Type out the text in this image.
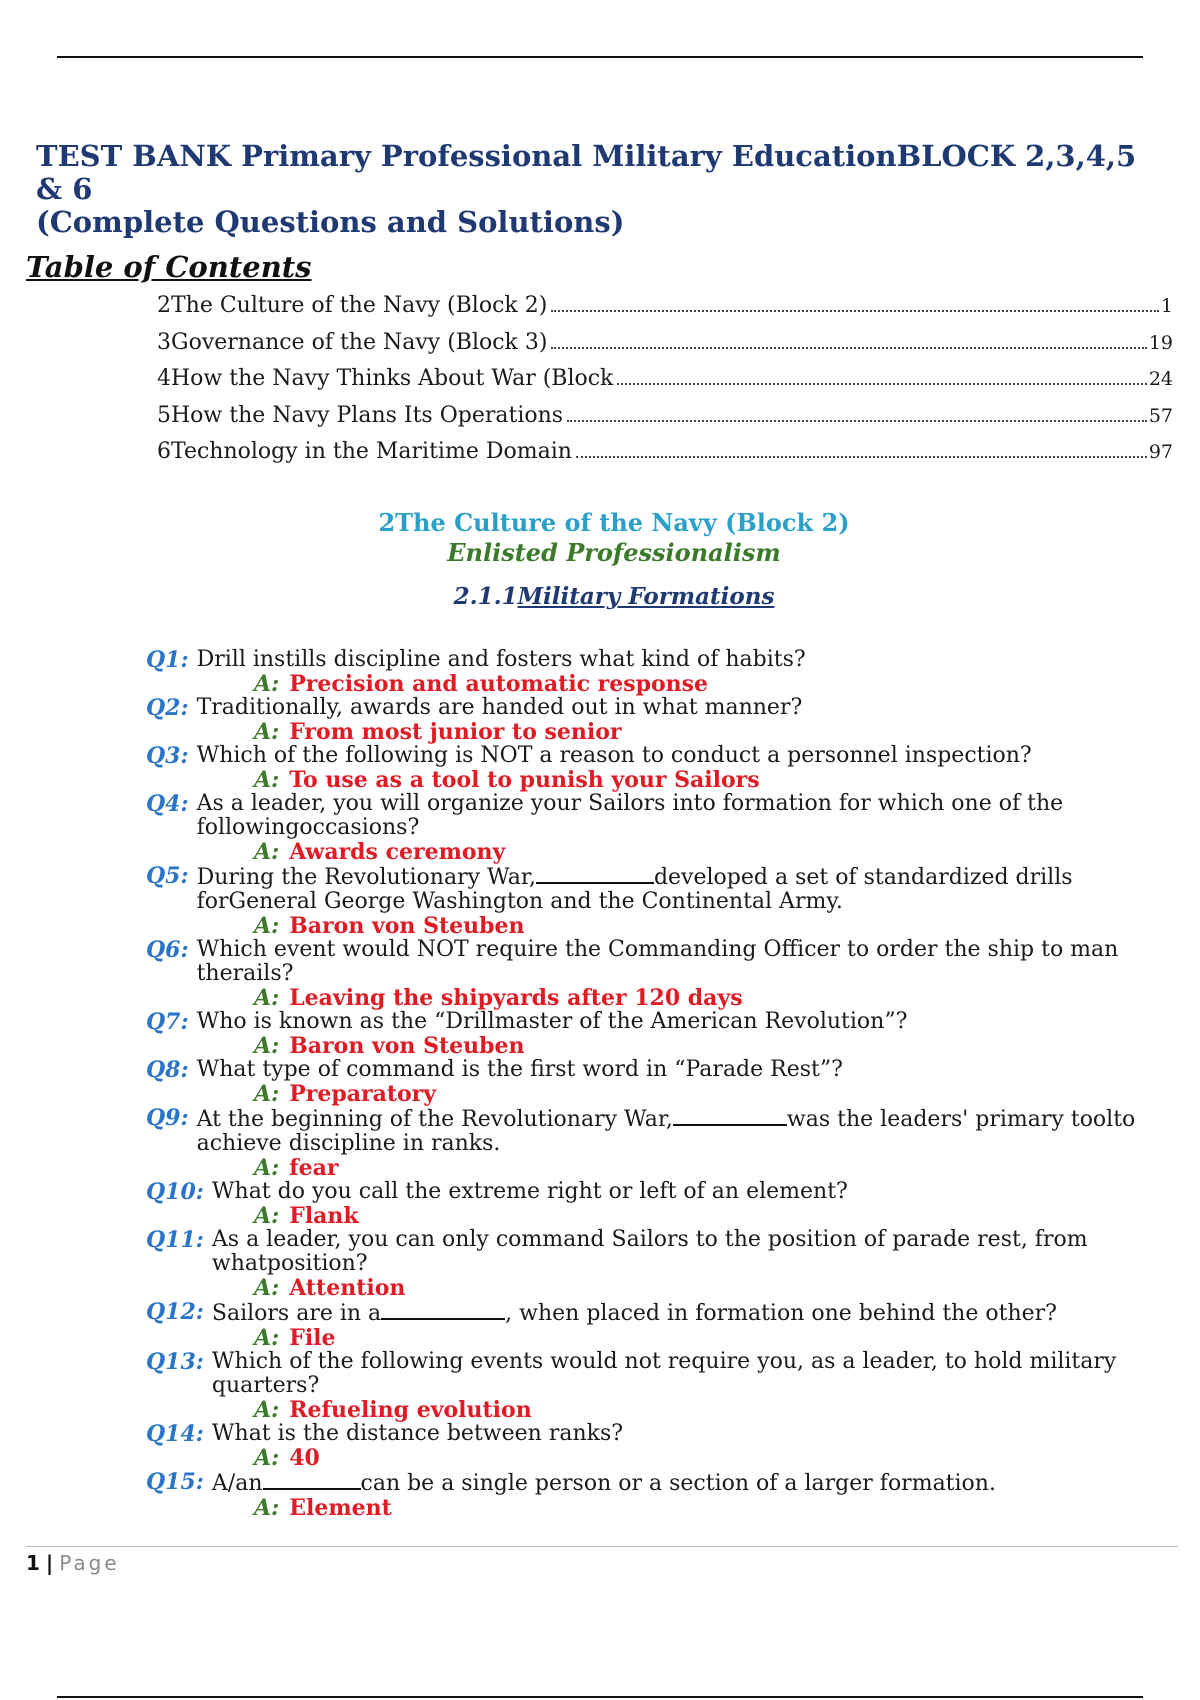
TEST BANK Primary Professional Military EducationBLOCK 2,3,4,5 & 6
(Complete Questions and Solutions)
Table of Contents
2The Culture of the Navy (Block 2)	1
3Governance of the Navy (Block 3)	19
4How the Navy Thinks About War (Block	24
5How the Navy Plans Its Operations	57
6Technology in the Maritime Domain	97
2The Culture of the Navy (Block 2)
Enlisted Professionalism
2.1.1Military Formations
Q1: Drill instills discipline and fosters what kind of habits?
A: Precision and automatic response
Q2: Traditionally, awards are handed out in what manner?
A: From most junior to senior
Q3: Which of the following is NOT a reason to conduct a personnel inspection?
A: To use as a tool to punish your Sailors
Q4: As a leader, you will organize your Sailors into formation for which one of the followingoccasions?
A: Awards ceremony
Q5: During the Revolutionary War,	developed a set of standardized drills forGeneral George Washington and the Continental Army.
A: Baron von Steuben
Q6: Which event would NOT require the Commanding Officer to order the ship to man therails?
A: Leaving the shipyards after 120 days
Q7: Who is known as the “Drillmaster of the American Revolution”?
A: Baron von Steuben
Q8: What type of command is the first word in “Parade Rest”?
A: Preparatory
Q9: At the beginning of the Revolutionary War,	was the leaders' primary toolto achieve discipline in ranks.
A: fear
Q10: What do you call the extreme right or left of an element?
A: Flank
Q11: As a leader, you can only command Sailors to the position of parade rest, from whatposition?
A: Attention
Q12: Sailors are in a	, when placed in formation one behind the other?
A: File
Q13: Which of the following events would not require you, as a leader, to hold military quarters?
A: Refueling evolution
Q14: What is the distance between ranks?
A: 40
Q15: A/an	can be a single person or a section of a larger formation.
A: Element
1 | Page
